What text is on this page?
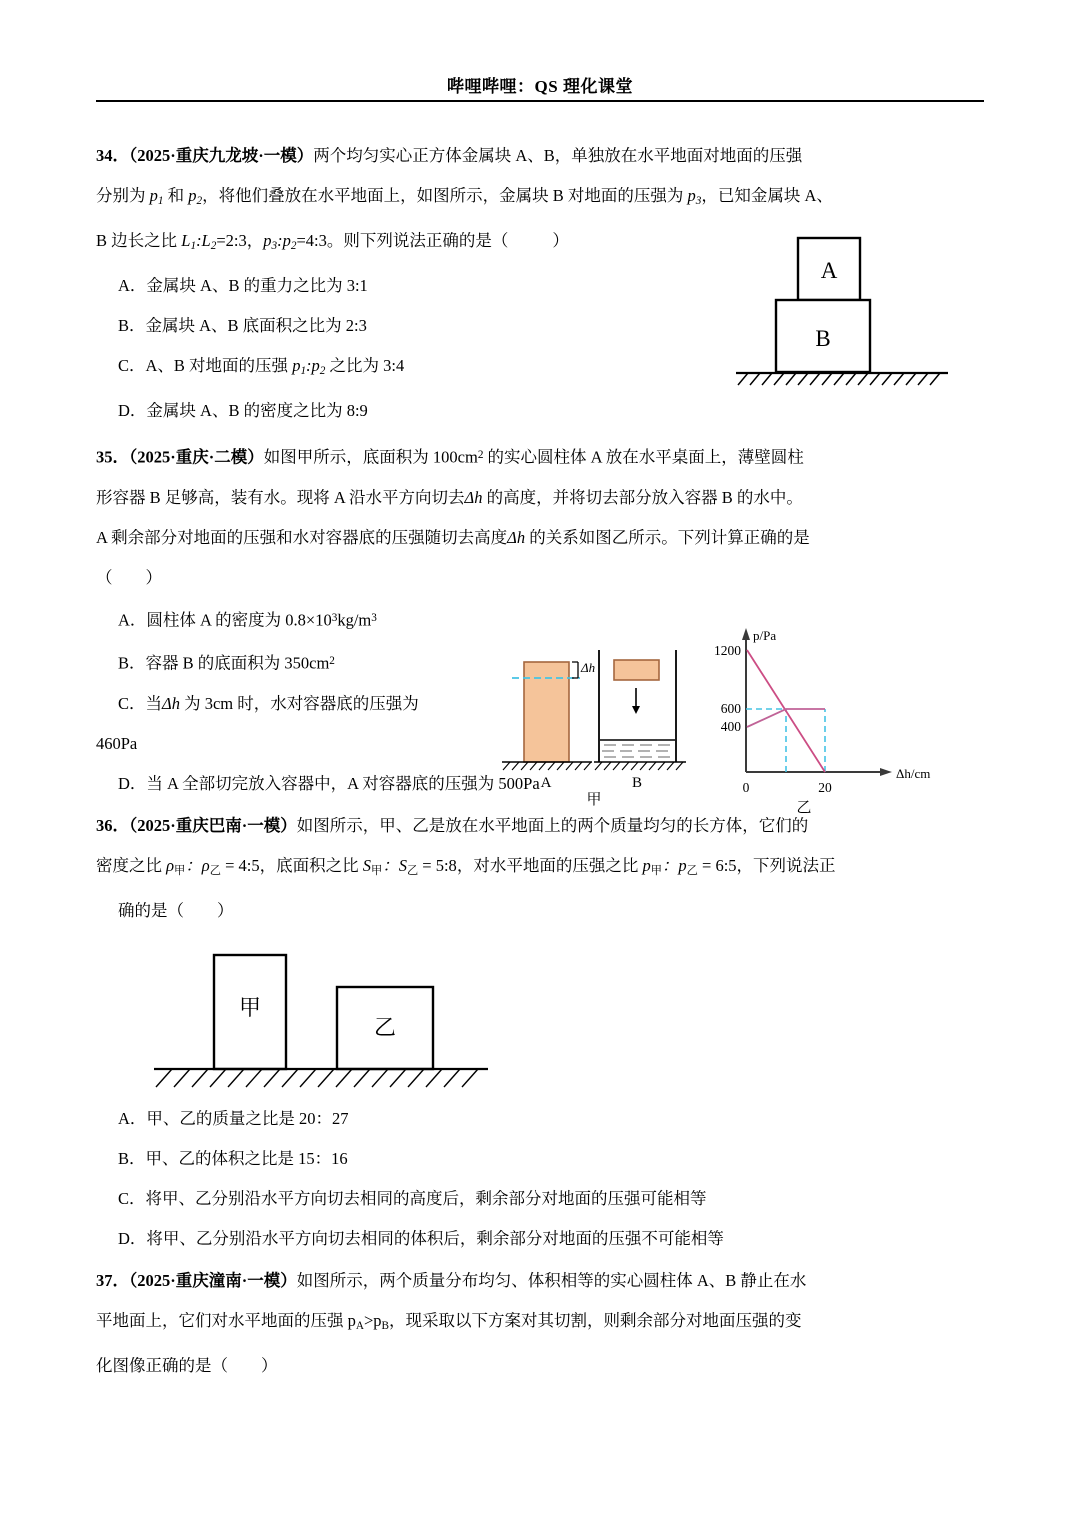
哔哩哔哩：QS 理化课堂
A
B

34．（2025·重庆九龙坡·一模）两个均匀实心正方体金属块 A、B，单独放在水平地面对地面的压强

分别为 $p_1$ 和 $p_2$，将他们叠放在水平地面上，如图所示，金属块 B 对地面的压强为 $p_3$，已知金属块 A、

B 边长之比 $L_1:L_2=2:3$，$p_3:p_2=4:3$。则下列说法正确的是（	）

A．金属块 A、B 的重力之比为 3:1

B．金属块 A、B 底面积之比为 2:3

C．A、B 对地面的压强 $p_1:p_2$ 之比为 3:4

D．金属块 A、B 的密度之比为 8:9

35．（2025·重庆·二模）如图甲所示，底面积为 $100cm^2$ 的实心圆柱体 A 放在水平桌面上，薄壁圆柱

形容器 B 足够高，装有水。现将 A 沿水平方向切去Δh 的高度，并将切去部分放入容器 B 的水中。

A 剩余部分对地面的压强和水对容器底的压强随切去高度Δh 的关系如图乙所示。下列计算正确的是

（　　）

Δh
A	B
甲
p/Pa
Δh/cm
1200
600
400
0	20
乙

A．圆柱体 A 的密度为 $0.8\times 10^3kg/m^3$

B．容器 B 的底面积为 $350cm^2$

C．当Δh 为 3cm 时，水对容器底的压强为

460Pa

D．当 A 全部切完放入容器中，A 对容器底的压强为 500Pa

36．（2025·重庆巴南·一模）如图所示，甲、乙是放在水平地面上的两个质量均匀的长方体，它们的

密度之比 $\rho_甲$：$\rho_乙$ = 4:5，底面积之比 $S_甲$：$S_乙$ = 5:8，对水平地面的压强之比 $p_甲$：$p_乙$ = 6:5，下列说法正

确的是（　　）

甲
乙

A．甲、乙的质量之比是 20：27

B．甲、乙的体积之比是 15：16

C．将甲、乙分别沿水平方向切去相同的高度后，剩余部分对地面的压强可能相等

D．将甲、乙分别沿水平方向切去相同的体积后，剩余部分对地面的压强不可能相等

37．（2025·重庆潼南·一模）如图所示，两个质量分布均匀、体积相等的实心圆柱体 A、B 静止在水

平地面上，它们对水平地面的压强 $p_A>p_B$，现采取以下方案对其切割，则剩余部分对地面压强的变

化图像正确的是（　　）
